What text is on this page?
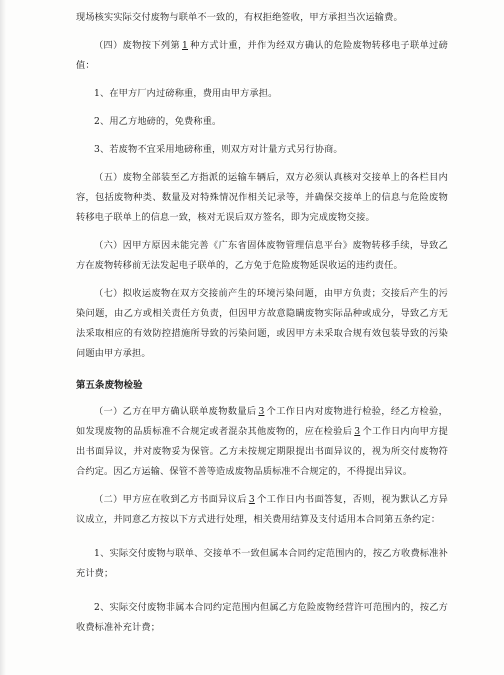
现场核实实际交付废物与联单不一致的，有权拒绝签收，甲方承担当次运输费。

（四）废物按下列第 1 种方式计重，并作为经双方确认的危险废物转移电子联单过磅值：

1、在甲方厂内过磅称重，费用由甲方承担。

2、用乙方地磅的，免费称重。

3、若废物不宜采用地磅称重，则双方对计量方式另行协商。

（五）废物全部装至乙方指派的运输车辆后，双方必须认真核对交接单上的各栏目内容，包括废物种类、数量及对特殊情况作相关记录等，并确保交接单上的信息与危险废物转移电子联单上的信息一致，核对无误后双方签名，即为完成废物交接。

（六）因甲方原因未能完善《广东省固体废物管理信息平台》废物转移手续，导致乙方在废物转移前无法发起电子联单的，乙方免于危险废物延误收运的违约责任。

（七）拟收运废物在双方交接前产生的环境污染问题，由甲方负责；交接后产生的污染问题，由乙方或相关责任方负责，但因甲方故意隐瞒废物实际品种或成分，导致乙方无法采取相应的有效防控措施所导致的污染问题，或因甲方未采取合规有效包装导致的污染问题由甲方承担。

第五条废物检验

（一）乙方在甲方确认联单废物数量后 3 个工作日内对废物进行检验，经乙方检验，如发现废物的品质标准不合规定或者混杂其他废物的，应在检验后 3 个工作日内向甲方提出书面异议，并对废物妥为保管。乙方未按规定期限提出书面异议的，视为所交付废物符合约定。因乙方运输、保管不善等造成废物品质标准不合规定的，不得提出异议。

（二）甲方应在收到乙方书面异议后 3 个工作日内书面答复，否则，视为默认乙方异议成立，并同意乙方按以下方式进行处理，相关费用结算及支付适用本合同第五条约定：

1、实际交付废物与联单、交接单不一致但属本合同约定范围内的，按乙方收费标准补充计费；

2、实际交付废物非属本合同约定范围内但属乙方危险废物经营许可范围内的，按乙方收费标准补充计费；
